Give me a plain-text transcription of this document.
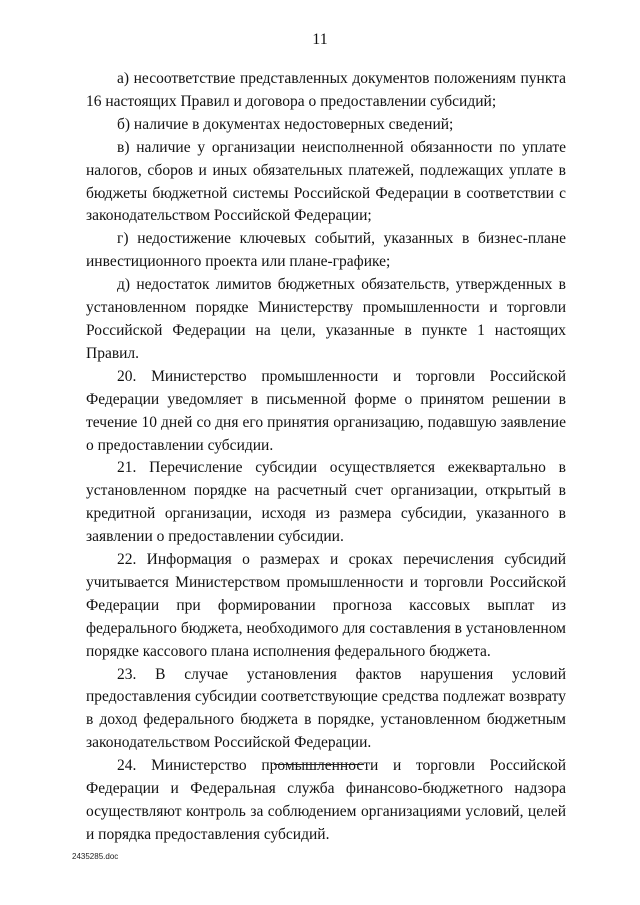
11

а) несоответствие представленных документов положениям пункта 16 настоящих Правил и договора о предоставлении субсидий;

б) наличие в документах недостоверных сведений;

в) наличие у организации неисполненной обязанности по уплате налогов, сборов и иных обязательных платежей, подлежащих уплате в бюджеты бюджетной системы Российской Федерации в соответствии с законодательством Российской Федерации;

г) недостижение ключевых событий, указанных в бизнес-плане инвестиционного проекта или плане-графике;

д) недостаток лимитов бюджетных обязательств, утвержденных в установленном порядке Министерству промышленности и торговли Российской Федерации на цели, указанные в пункте 1 настоящих Правил.

20. Министерство промышленности и торговли Российской Федерации уведомляет в письменной форме о принятом решении в течение 10 дней со дня его принятия организацию, подавшую заявление о предоставлении субсидии.

21. Перечисление субсидии осуществляется ежеквартально в установленном порядке на расчетный счет организации, открытый в кредитной организации, исходя из размера субсидии, указанного в заявлении о предоставлении субсидии.

22. Информация о размерах и сроках перечисления субсидий учитывается Министерством промышленности и торговли Российской Федерации при формировании прогноза кассовых выплат из федерального бюджета, необходимого для составления в установленном порядке кассового плана исполнения федерального бюджета.

23. В случае установления фактов нарушения условий предоставления субсидии соответствующие средства подлежат возврату в доход федерального бюджета в порядке, установленном бюджетным законодательством Российской Федерации.

24. Министерство промышленности и торговли Российской Федерации и Федеральная служба финансово-бюджетного надзора осуществляют контроль за соблюдением организациями условий, целей и порядка предоставления субсидий.

2435285.doc
